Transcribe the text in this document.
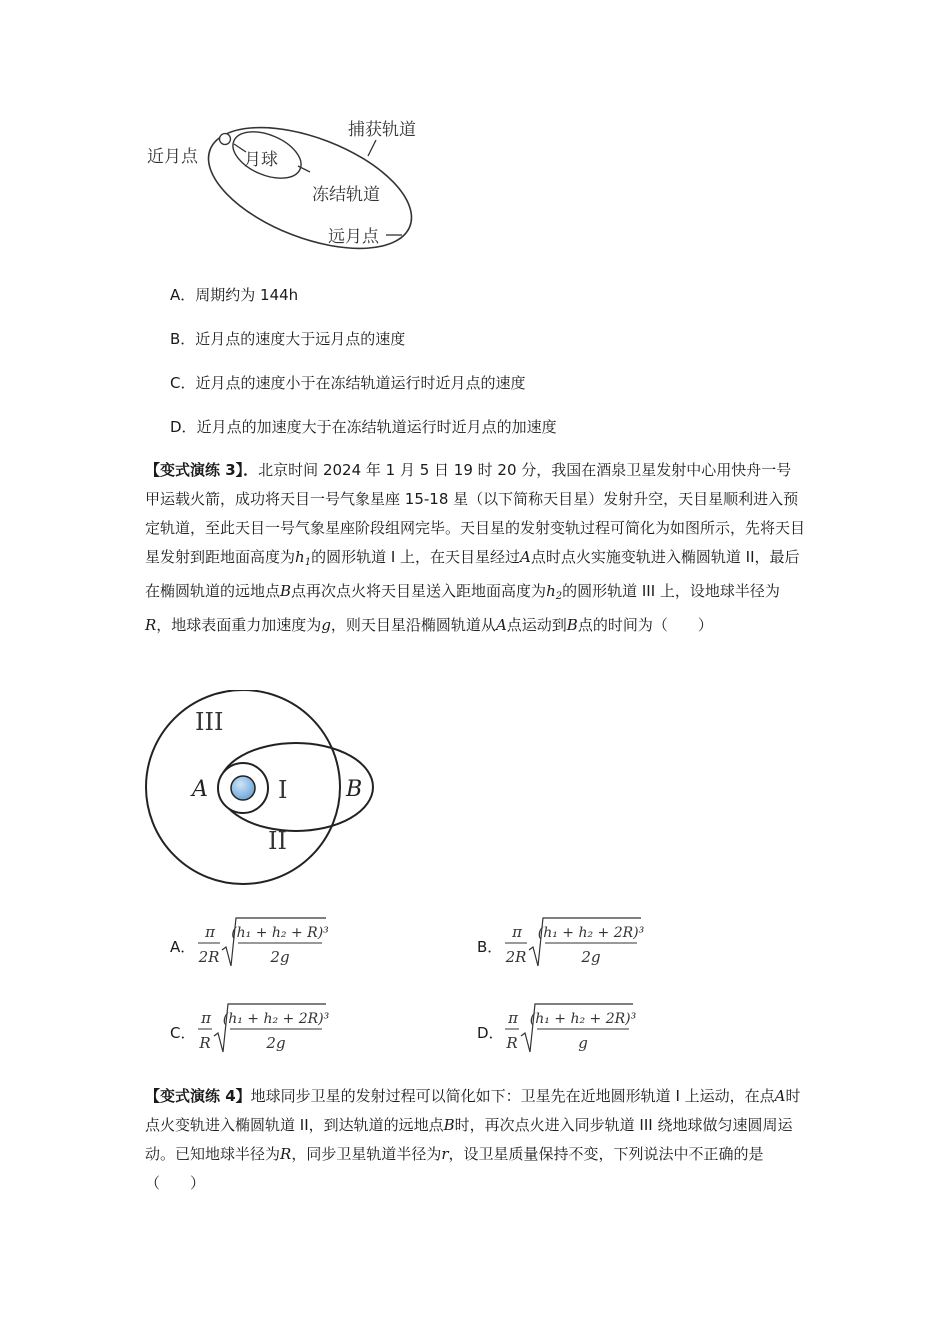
近月点	月球
捕获轨道
冻结轨道
远月点
A．周期约为 144h
B．近月点的速度大于远月点的速度
C．近月点的速度小于在冻结轨道运行时近月点的速度
D．近月点的加速度大于在冻结轨道运行时近月点的加速度
【变式演练 3】．北京时间 2024 年 1 月 5 日 19 时 20 分，我国在酒泉卫星发射中心用快舟一号甲运载火箭，成功将天目一号气象星座 15-18 星（以下简称天目星）发射升空，天目星顺利进入预定轨道，至此天目一号气象星座阶段组网完毕。天目星的发射变轨过程可简化为如图所示，先将天目星发射到距地面高度为$h_1$的圆形轨道 I 上，在天目星经过A点时点火实施变轨进入椭圆轨道 II，最后在椭圆轨道的远地点B点再次点火将天目星送入距地面高度为$h_2$的圆形轨道 III 上，设地球半径为R，地球表面重力加速度为g，则天目星沿椭圆轨道从A点运动到B点的时间为（　　）
III
A	I	B
II
A．
π
2R
(h₁ + h₂ + R)³
2g
B．
π
2R
(h₁ + h₂ + 2R)³
2g
C．
π
R
(h₁ + h₂ + 2R)³
2g
D．
π
R
(h₁ + h₂ + 2R)³
g
【变式演练 4】地球同步卫星的发射过程可以简化如下：卫星先在近地圆形轨道 I 上运动，在点A时点火变轨进入椭圆轨道 II，到达轨道的远地点B时，再次点火进入同步轨道 III 绕地球做匀速圆周运动。已知地球半径为R，同步卫星轨道半径为r，设卫星质量保持不变，下列说法中不正确的是（　　）
